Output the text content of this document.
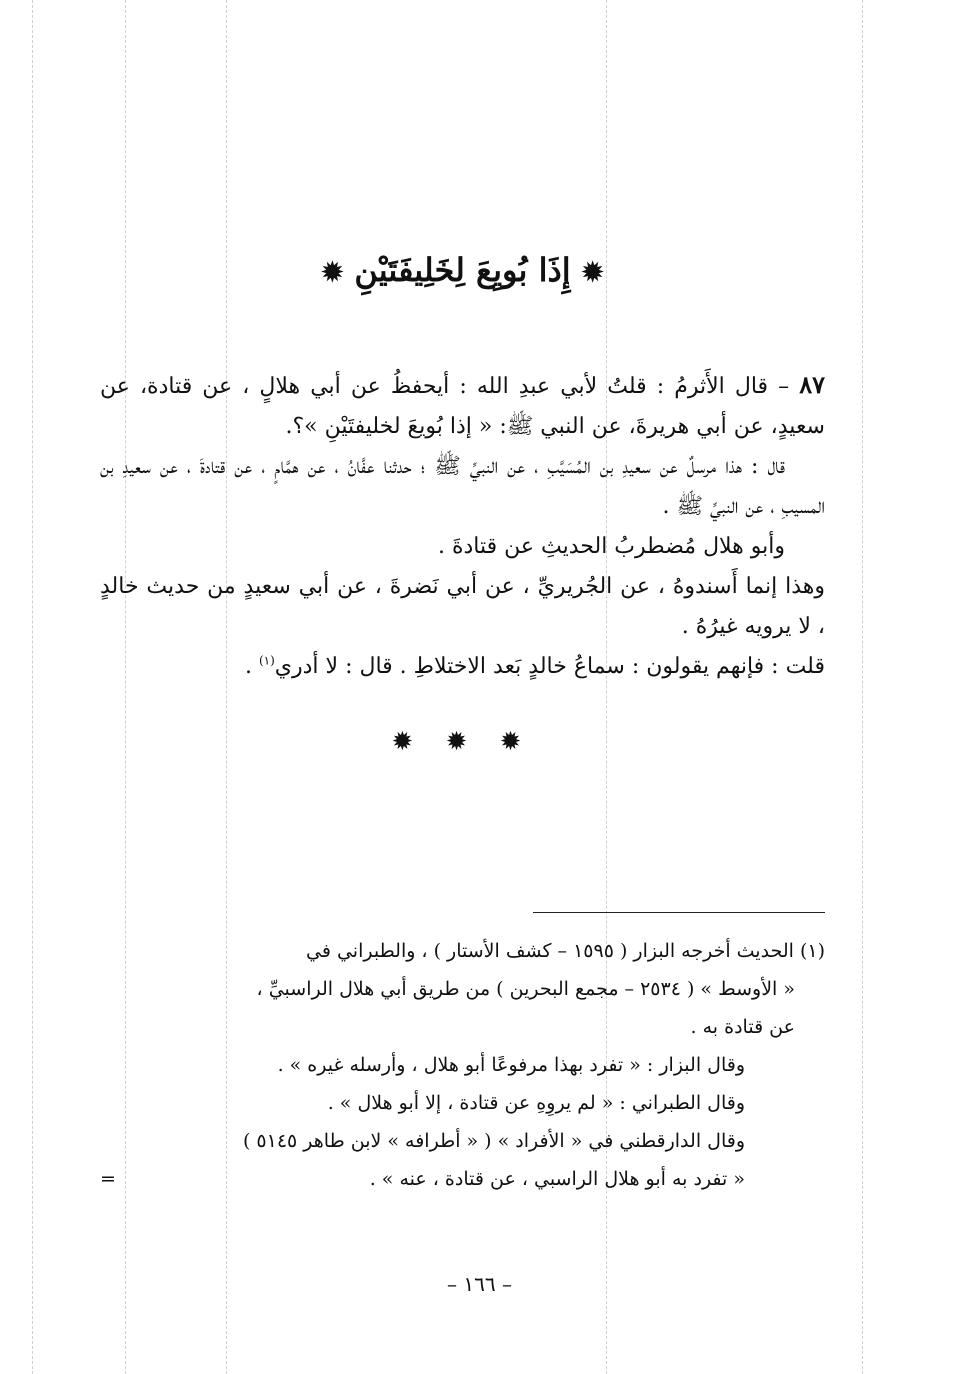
✹ إِذَا بُويِعَ لِخَلِيفَتَيْنِ ✹

٨٧ – قال الأَثرمُ : قلتُ لأبي عبدِ الله : أيحفظُ عن أبي هلالٍ ، عن قتادة، عن سعيدٍ، عن أبي هريرةَ، عن النبي ﷺ: « إذا بُويعَ لخليفتَيْنِ »؟.

قال : هذا مرسلٌ عن سعيدِ بن المُسَيَّبِ ، عن النبيِّ ﷺ ؛ حدثنا عفَّانُ ، عن همَّامٍ ، عن قتادةَ ، عن سعيدِ بن المسيبِ ، عن النبيِّ ﷺ .

وأبو هلال مُضطربُ الحديثِ عن قتادةَ .

وهذا إنما أَسندوهُ ، عن الجُريريِّ ، عن أبي نَضرةَ ، عن أبي سعيدٍ من حديث خالدٍ ، لا يرويه غيرُهُ .

قلت : فإنهم يقولون : سماعُ خالدٍ بَعد الاختلاطِ . قال : لا أدري$^{(١)}$ .

✹ ✹ ✹

(١) الحديث أخرجه البزار ( ١٥٩٥ – كشف الأستار ) ، والطبراني في

« الأوسط » ( ٢٥٣٤ – مجمع البحرين ) من طريق أبي هلال الراسبيِّ ،

عن قتادة به .

وقال البزار : « تفرد بهذا مرفوعًا أبو هلال ، وأرسله غيره » .

وقال الطبراني : « لم يروِهِ عن قتادة ، إلا أبو هلال » .

وقال الدارقطني في « الأفراد » ( « أطرافه » لابن طاهر ٥١٤٥ )

« تفرد به أبو هلال الراسبي ، عن قتادة ، عنه » .
=

– ١٦٦ –
